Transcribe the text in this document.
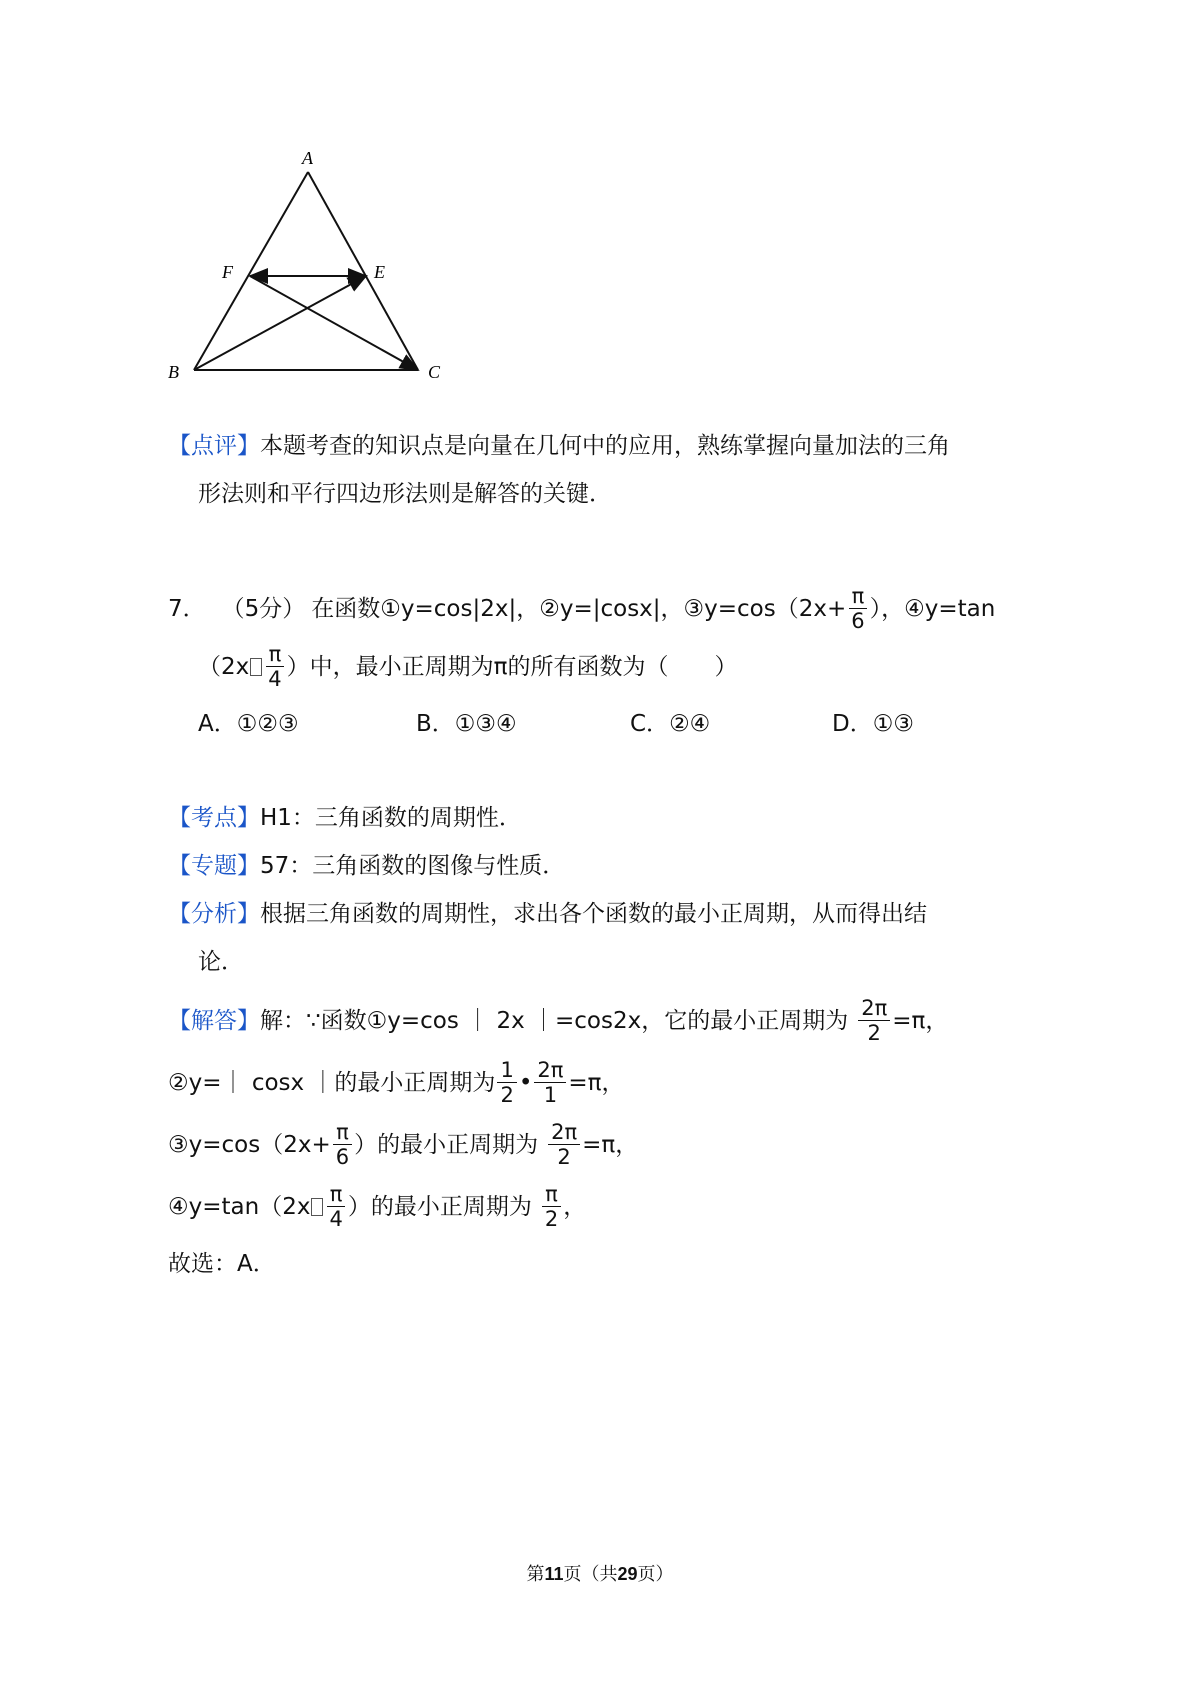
A
F	E
B	C
【点评】本题考查的知识点是向量在几何中的应用，熟练掌握向量加法的三角
形法则和平行四边形法则是解答的关键．
7． （5分） 在函数①y=cos|2x|，②y=|cosx|，③y=cos（2x+ $\frac{\pi}{6}$ ），④y=tan
（$2x \frac{\pi}{4}$ ）中，最小正周期为π的所有函数为（　　）
A．①②③	B．①③④	C．②④	D．①③
【考点】H1：三角函数的周期性．
【专题】57：三角函数的图像与性质．
【分析】根据三角函数的周期性，求出各个函数的最小正周期，从而得出结
论．
【解答】 解：∵函数①y=cos ｜ 2x ｜=cos2x，它的最小正周期为 $\frac{2\pi}{2} =\pi$，
②y=｜ cosx ｜的最小正周期为 $\frac{1}{2}$ • $\frac{2\pi}{1} =\pi$，
③y=cos（2x+ $\frac{\pi}{6}$ ）的最小正周期为 $\frac{2\pi}{2} =\pi$，
④y=tan（2x $\frac{\pi}{4}$ ）的最小正周期为 $\frac{\pi}{2}$ ，
故选：A．
第11页（共29页）
